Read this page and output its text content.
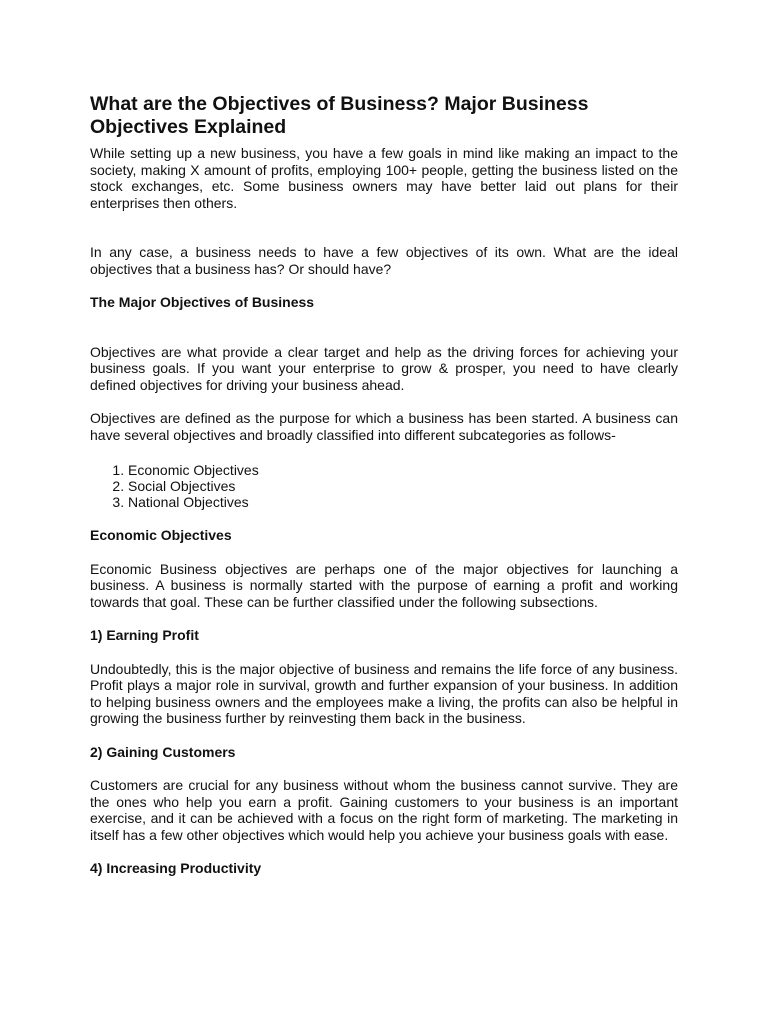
What are the Objectives of Business? Major Business Objectives Explained

While setting up a new business, you have a few goals in mind like making an impact to the society, making X amount of profits, employing 100+ people, getting the business listed on the stock exchanges, etc. Some business owners may have better laid out plans for their enterprises then others.

In any case, a business needs to have a few objectives of its own. What are the ideal objectives that a business has? Or should have?

The Major Objectives of Business

Objectives are what provide a clear target and help as the driving forces for achieving your business goals. If you want your enterprise to grow & prosper, you need to have clearly defined objectives for driving your business ahead.

Objectives are defined as the purpose for which a business has been started. A business can have several objectives and broadly classified into different subcategories as follows-

1. Economic Objectives
2. Social Objectives
3. National Objectives
Economic Objectives

Economic Business objectives are perhaps one of the major objectives for launching a business. A business is normally started with the purpose of earning a profit and working towards that goal. These can be further classified under the following subsections.

1) Earning Profit

Undoubtedly, this is the major objective of business and remains the life force of any business. Profit plays a major role in survival, growth and further expansion of your business. In addition to helping business owners and the employees make a living, the profits can also be helpful in growing the business further by reinvesting them back in the business.

2) Gaining Customers

Customers are crucial for any business without whom the business cannot survive. They are the ones who help you earn a profit. Gaining customers to your business is an important exercise, and it can be achieved with a focus on the right form of marketing. The marketing in itself has a few other objectives which would help you achieve your business goals with ease.

4) Increasing Productivity
